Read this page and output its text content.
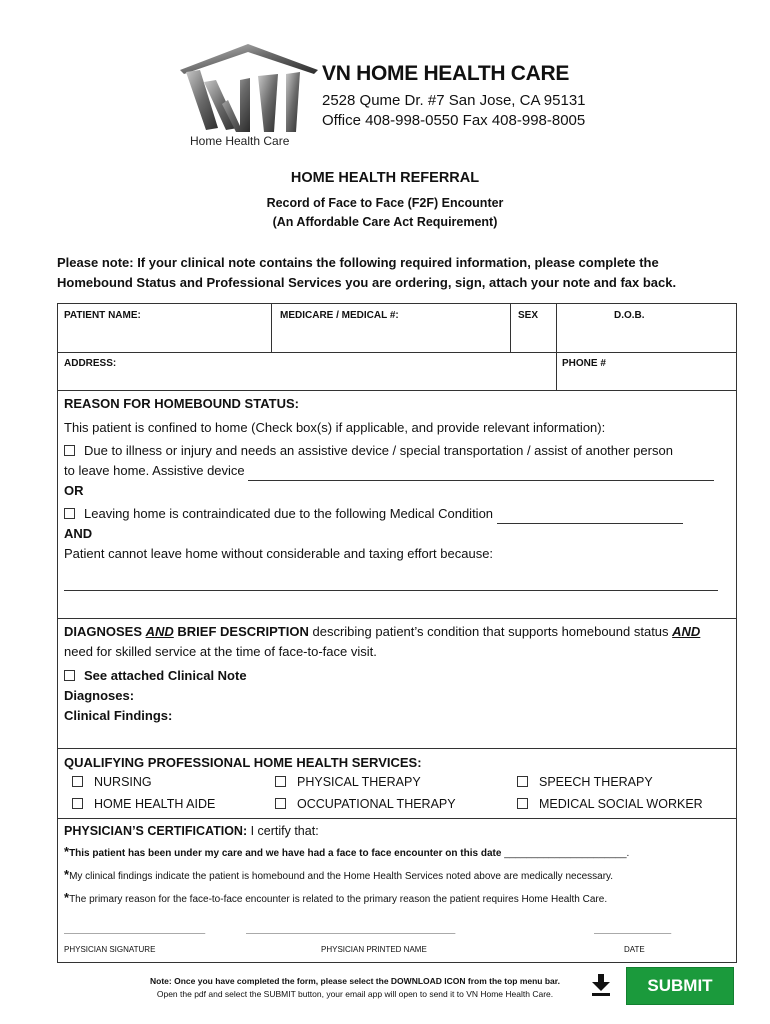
Home Health Care
VN HOME HEALTH CARE
2528 Qume Dr. #7 San Jose, CA 95131
Office 408-998-0550 Fax 408-998-8005
HOME HEALTH REFERRAL
Record of Face to Face (F2F) Encounter
(An Affordable Care Act Requirement)
Please note: If your clinical note contains the following required information, please complete the
Homebound Status and Professional Services you are ordering, sign, attach your note and fax back.
PATIENT NAME:	MEDICARE / MEDICAL #:	SEX	D.O.B.
ADDRESS:	PHONE #
REASON FOR HOMEBOUND STATUS:
This patient is confined to home (Check box(s) if applicable, and provide relevant information):
Due to illness or injury and needs an assistive device / special transportation / assist of another person
to leave home. Assistive device
OR
Leaving home is contraindicated due to the following Medical Condition
AND
Patient cannot leave home without considerable and taxing effort because:
DIAGNOSES AND BRIEF DESCRIPTION describing patient’s condition that supports homebound status AND
need for skilled service at the time of face-to-face visit.
See attached Clinical Note
Diagnoses:
Clinical Findings:
QUALIFYING PROFESSIONAL HOME HEALTH SERVICES:
NURSING	PHYSICAL THERAPY	SPEECH THERAPY
HOME HEALTH AIDE	OCCUPATIONAL THERAPY	MEDICAL SOCIAL WORKER
PHYSICIAN’S CERTIFICATION: I certify that:
*This patient has been under my care and we have had a face to face encounter on this date ______________________.
*My clinical findings indicate the patient is homebound and the Home Health Services noted above are medically necessary.
*The primary reason for the face-to-face encounter is related to the primary reason the patient requires Home Health Care.
___________________________________	____________________________________________________	___________________
PHYSICIAN SIGNATURE	PHYSICIAN PRINTED NAME	DATE
Note: Once you have completed the form, please select the DOWNLOAD ICON from the top menu bar.
Open the pdf and select the SUBMIT button, your email app will open to send it to VN Home Health Care.	SUBMIT
